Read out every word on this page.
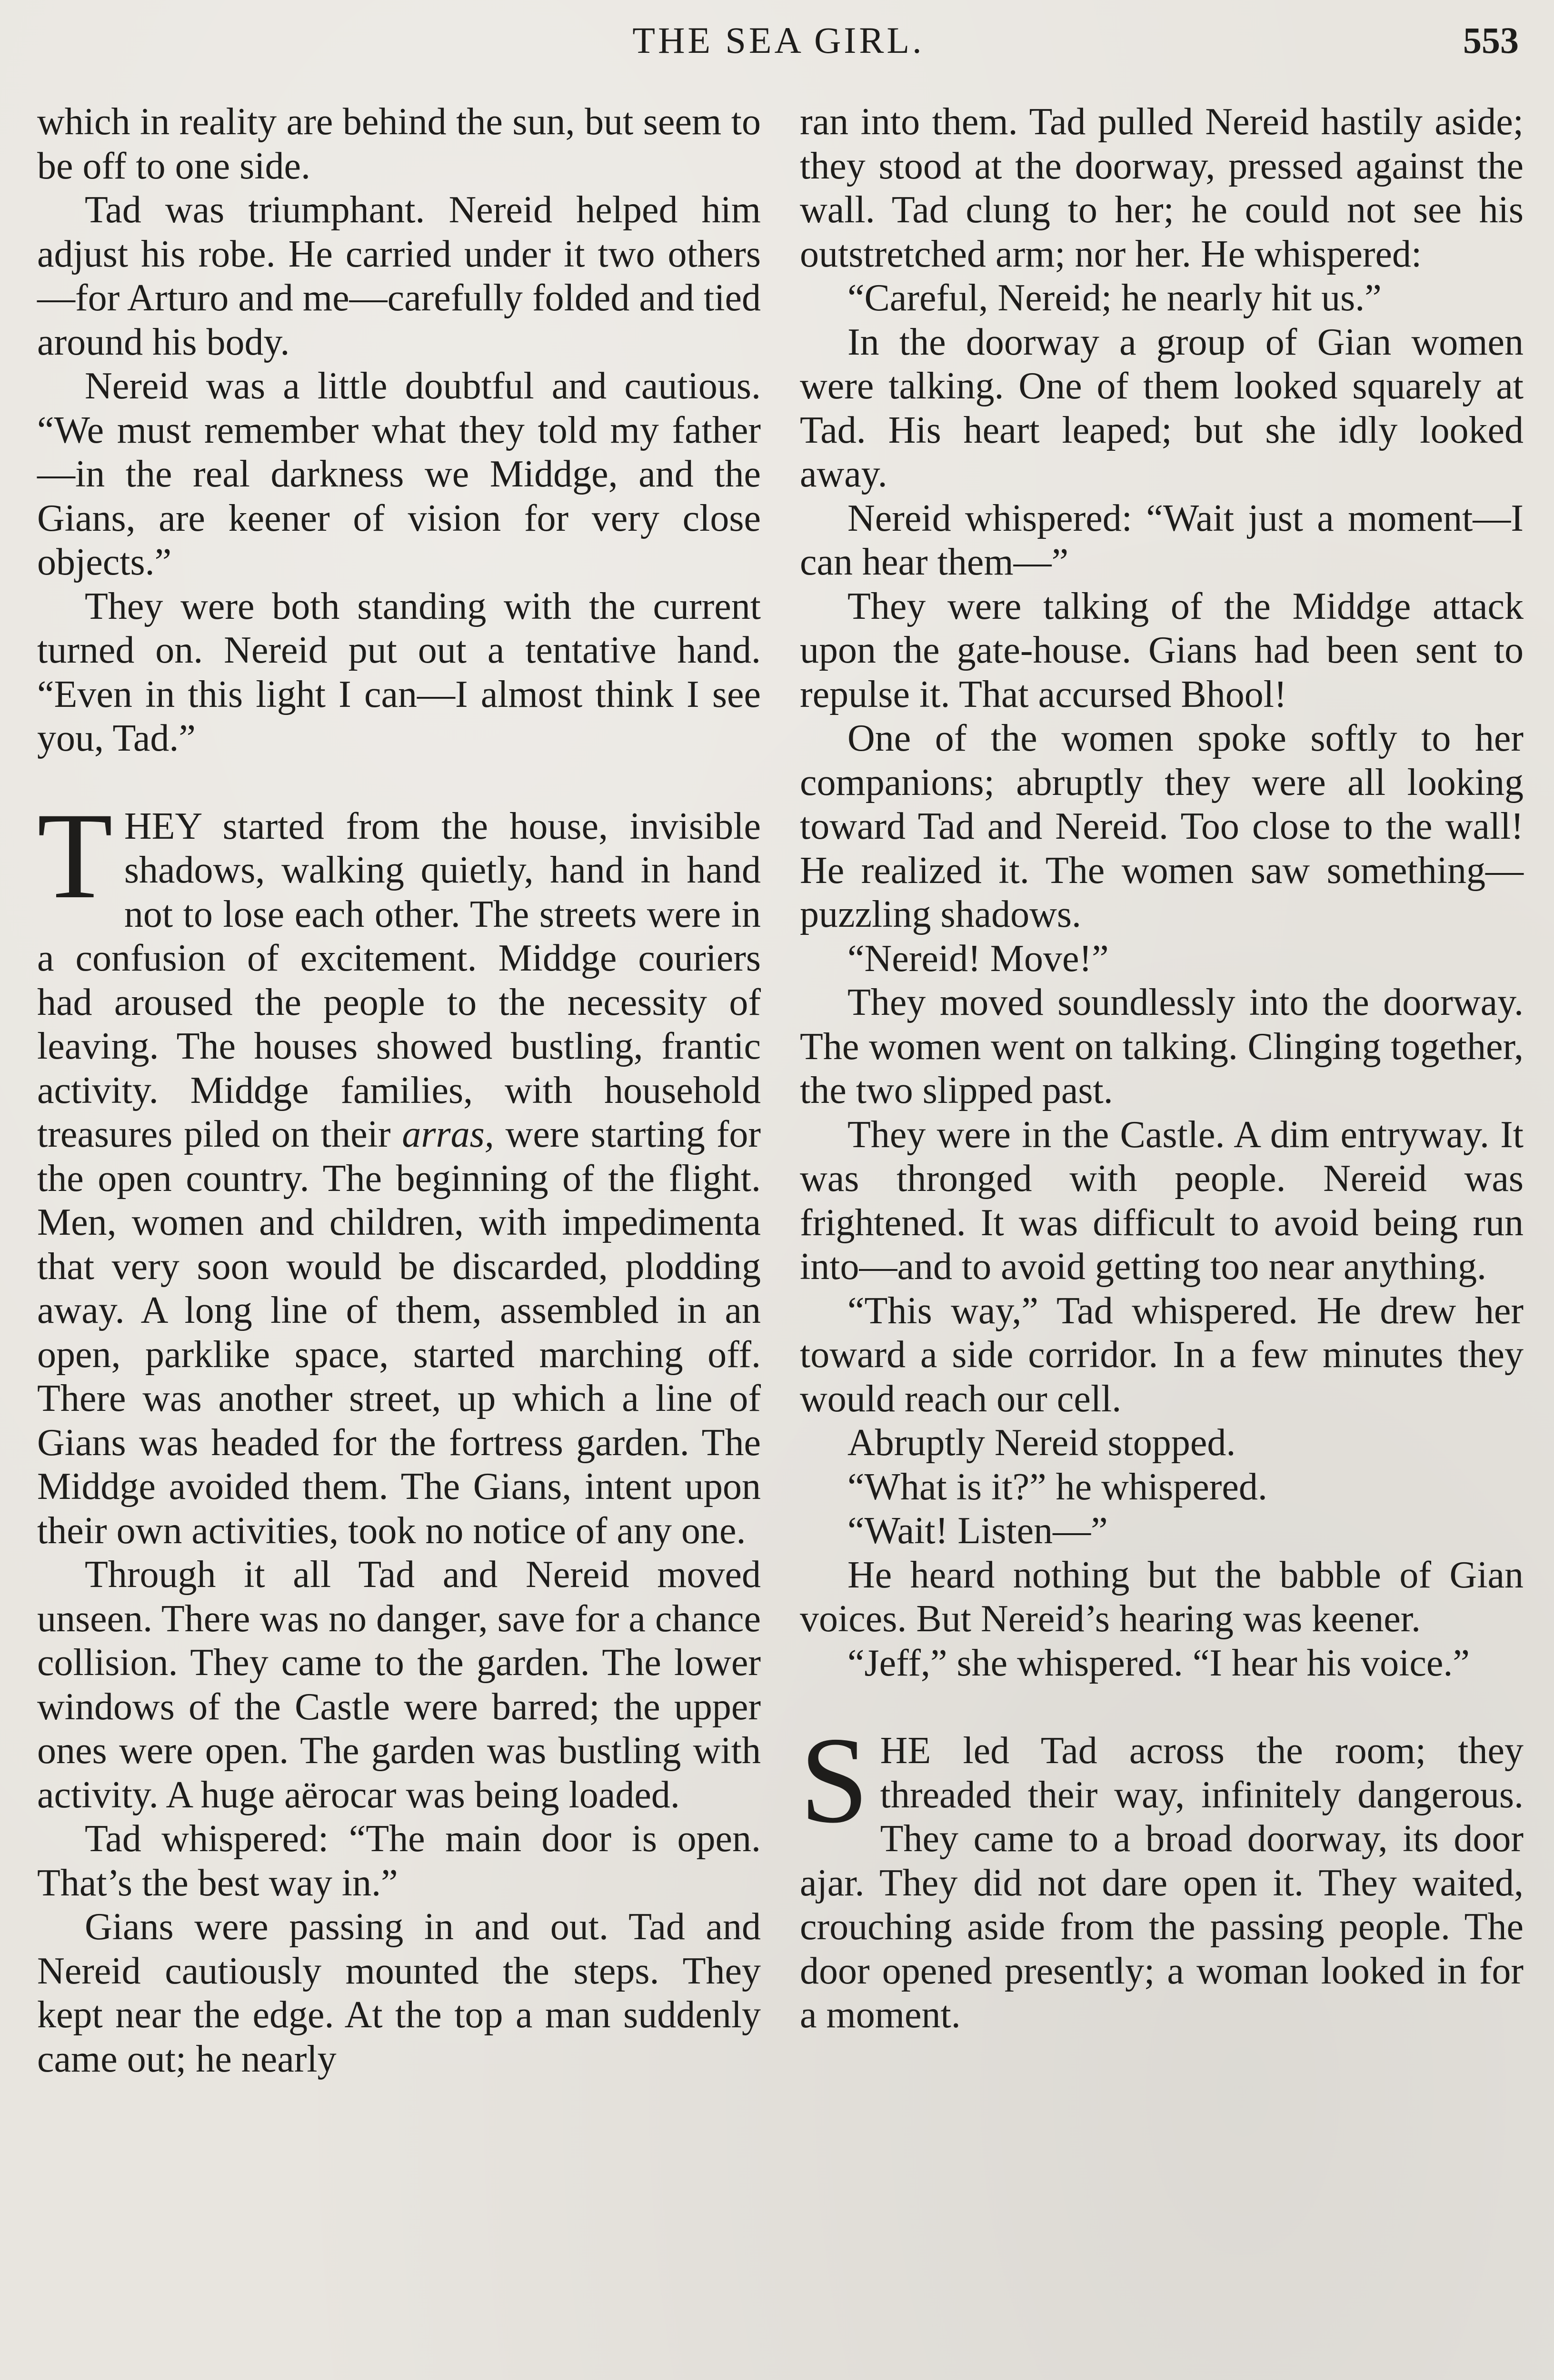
THE SEA GIRL.	553

which in reality are behind the sun, but seem to be off to one side.

Tad was triumphant. Nereid helped him adjust his robe. He carried under it two others—for Arturo and me—carefully folded and tied around his body.

Nereid was a little doubtful and cautious. “We must remember what they told my father—in the real darkness we Middge, and the Gians, are keener of vision for very close objects.”

They were both standing with the current turned on. Nereid put out a tentative hand. “Even in this light I can—I almost think I see you, Tad.”

THEY started from the house, invisible shadows, walking quietly, hand in hand not to lose each other. The streets were in a confusion of excitement. Middge couriers had aroused the people to the necessity of leaving. The houses showed bustling, frantic activity. Middge families, with household treasures piled on their arras, were starting for the open country. The beginning of the flight. Men, women and children, with impedimenta that very soon would be discarded, plodding away. A long line of them, assembled in an open, parklike space, started marching off. There was another street, up which a line of Gians was headed for the fortress garden. The Middge avoided them. The Gians, intent upon their own activities, took no notice of any one.

Through it all Tad and Nereid moved unseen. There was no danger, save for a chance collision. They came to the garden. The lower windows of the Castle were barred; the upper ones were open. The garden was bustling with activity. A huge aërocar was being loaded.

Tad whispered: “The main door is open. That’s the best way in.”

Gians were passing in and out. Tad and Nereid cautiously mounted the steps. They kept near the edge. At the top a man suddenly came out; he nearly

ran into them. Tad pulled Nereid hastily aside; they stood at the doorway, pressed against the wall. Tad clung to her; he could not see his outstretched arm; nor her. He whispered:

“Careful, Nereid; he nearly hit us.”

In the doorway a group of Gian women were talking. One of them looked squarely at Tad. His heart leaped; but she idly looked away.

Nereid whispered: “Wait just a moment—I can hear them—”

They were talking of the Middge attack upon the gate-house. Gians had been sent to repulse it. That accursed Bhool!

One of the women spoke softly to her companions; abruptly they were all looking toward Tad and Nereid. Too close to the wall! He realized it. The women saw something—puzzling shadows.

“Nereid! Move!”

They moved soundlessly into the doorway. The women went on talking. Clinging together, the two slipped past.

They were in the Castle. A dim entryway. It was thronged with people. Nereid was frightened. It was difficult to avoid being run into—and to avoid getting too near anything.

“This way,” Tad whispered. He drew her toward a side corridor. In a few minutes they would reach our cell.

Abruptly Nereid stopped.

“What is it?” he whispered.

“Wait! Listen—”

He heard nothing but the babble of Gian voices. But Nereid’s hearing was keener.

“Jeff,” she whispered. “I hear his voice.”

SHE led Tad across the room; they threaded their way, infinitely dangerous. They came to a broad doorway, its door ajar. They did not dare open it. They waited, crouching aside from the passing people. The door opened presently; a woman looked in for a moment.
